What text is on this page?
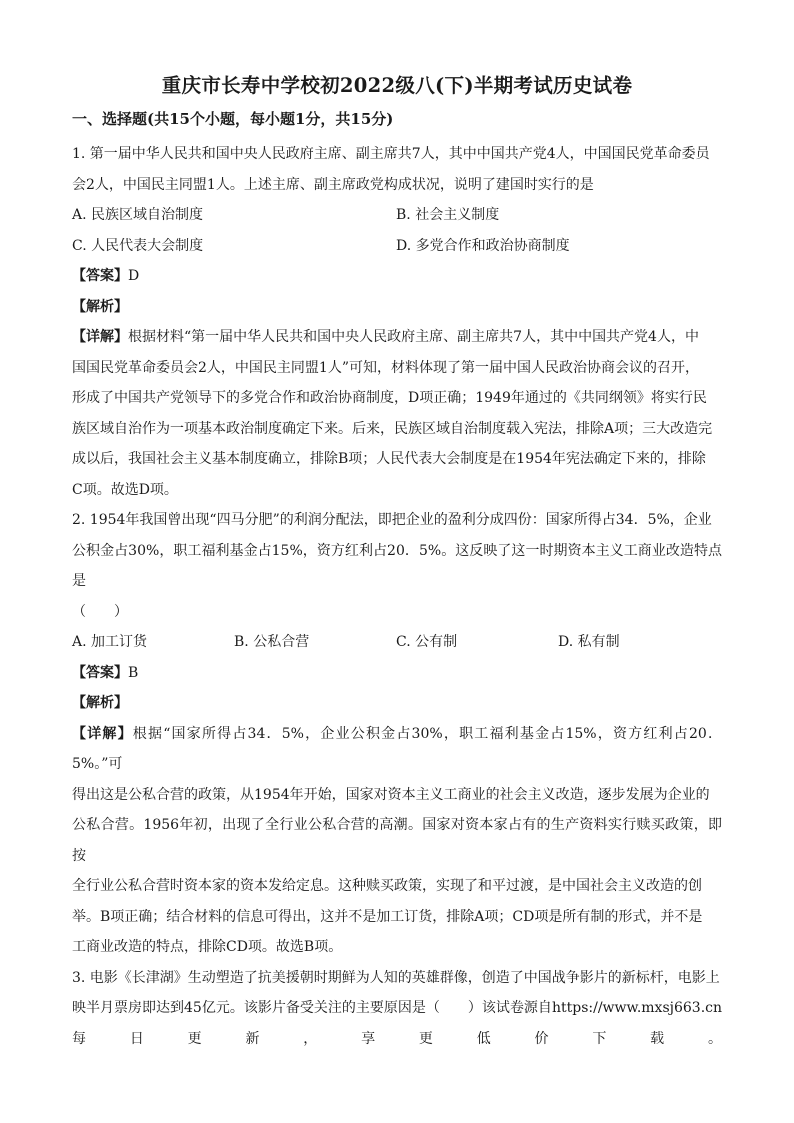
重庆市长寿中学校初2022级八(下)半期考试历史试卷
一、选择题(共15个小题，每小题1分，共15分)

1. 第一届中华人民共和国中央人民政府主席、副主席共7人，其中中国共产党4人，中国国民党革命委员

会2人，中国民主同盟1人。上述主席、副主席政党构成状况，说明了建国时实行的是

A. 民族区域自治制度	B. 社会主义制度
C. 人民代表大会制度	D. 多党合作和政治协商制度

【答案】D

【解析】

【详解】根据材料“第一届中华人民共和国中央人民政府主席、副主席共7人，其中中国共产党4人，中

国国民党革命委员会2人，中国民主同盟1人”可知，材料体现了第一届中国人民政治协商会议的召开，

形成了中国共产党领导下的多党合作和政治协商制度，D项正确；1949年通过的《共同纲领》将实行民

族区域自治作为一项基本政治制度确定下来。后来，民族区域自治制度载入宪法，排除A项；三大改造完

成以后，我国社会主义基本制度确立，排除B项；人民代表大会制度是在1954年宪法确定下来的，排除

C项。故选D项。

2. 1954年我国曾出现“四马分肥”的利润分配法，即把企业的盈利分成四份：国家所得占34．5%，企业

公积金占30%，职工福利基金占15%，资方红利占20．5%。这反映了这一时期资本主义工商业改造特点是

（　　）

A. 加工订货	B. 公私合营	C. 公有制	D. 私有制

【答案】B

【解析】

【详解】根据“国家所得占34．5%，企业公积金占30%，职工福利基金占15%，资方红利占20．5%。”可

得出这是公私合营的政策，从1954年开始，国家对资本主义工商业的社会主义改造，逐步发展为企业的

公私合营。1956年初，出现了全行业公私合营的高潮。国家对资本家占有的生产资料实行赎买政策，即按

全行业公私合营时资本家的资本发给定息。这种赎买政策，实现了和平过渡，是中国社会主义改造的创

举。B项正确；结合材料的信息可得出，这并不是加工订货，排除A项；CD项是所有制的形式，并不是

工商业改造的特点，排除CD项。故选B项。

3. 电影《长津湖》生动塑造了抗美援朝时期鲜为人知的英雄群像，创造了中国战争影片的新标杆，电影上

映半月票房即达到45亿元。该影片备受关注的主要原因是（　　）该试卷源自 https://www.mxsj663.cn

每	日	更	新	，	享	更	低	价	下	载	。
